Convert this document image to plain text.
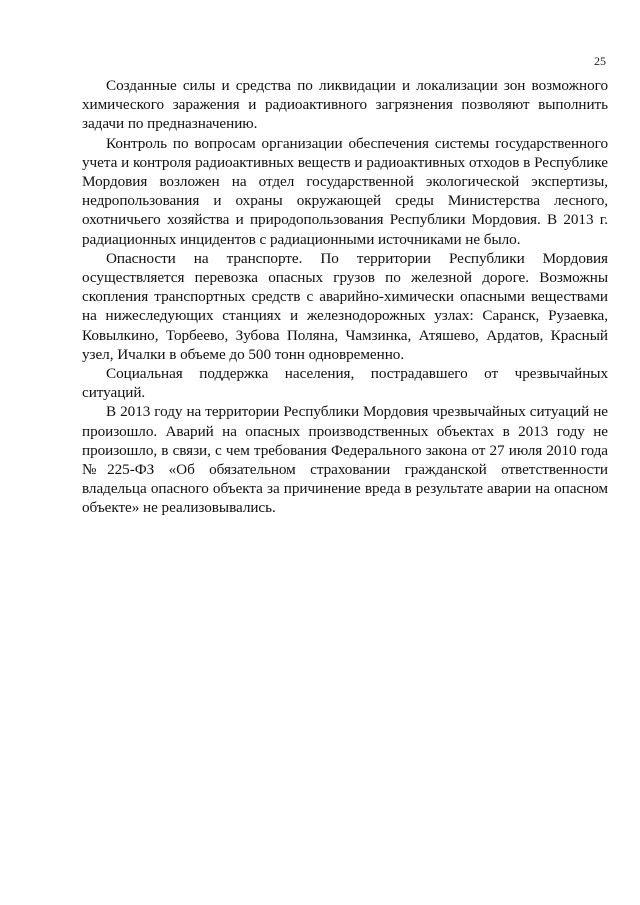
25

Созданные силы и средства по ликвидации и локализации зон возможного химического заражения и радиоактивного загрязнения позволяют выполнить задачи по предназначению.

Контроль по вопросам организации обеспечения системы государственного учета и контроля радиоактивных веществ и радиоактивных отходов в Республике Мордовия возложен на отдел государственной экологической экспертизы, недропользования и охраны окружающей среды Министерства лесного, охотничьего хозяйства и природопользования Республики Мордовия. В 2013 г. радиационных инцидентов с радиационными источниками не было.

Опасности на транспорте. По территории Республики Мордовия осуществляется перевозка опасных грузов по железной дороге. Возможны скопления транспортных средств с аварийно-химически опасными веществами на нижеследующих станциях и железнодорожных узлах: Саранск, Рузаевка, Ковылкино, Торбеево, Зубова Поляна, Чамзинка, Атяшево, Ардатов, Красный узел, Ичалки в объеме до 500 тонн одновременно.

Социальная поддержка населения, пострадавшего от чрезвычайных ситуаций.

В 2013 году на территории Республики Мордовия чрезвычайных ситуаций не произошло. Аварий на опасных производственных объектах в 2013 году не произошло, в связи, с чем требования Федерального закона от 27 июля 2010 года №225-ФЗ «Об обязательном страховании гражданской ответственности владельца опасного объекта за причинение вреда в результате аварии на опасном объекте» не реализовывались.
